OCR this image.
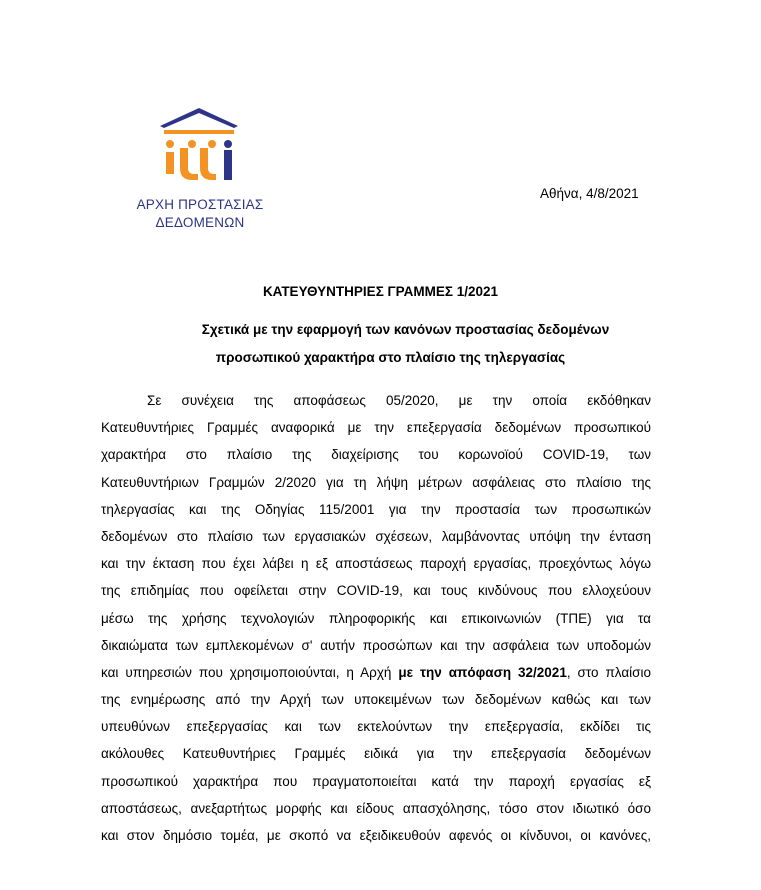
ΑΡΧΗ ΠΡΟΣΤΑΣΙΑΣ
ΔΕΔΟΜΕΝΩΝ
Αθήνα, 4/8/2021
ΚΑΤΕΥΘΥΝΤΗΡΙΕΣ ΓΡΑΜΜΕΣ 1/2021
Σχετικά με την εφαρμογή των κανόνων προστασίας δεδομένων
προσωπικού χαρακτήρα στο πλαίσιο της τηλεργασίας
Σε συνέχεια της αποφάσεως 05/2020, με την οποία εκδόθηκαν
Κατευθυντήριες Γραμμές αναφορικά με την επεξεργασία δεδομένων προσωπικού
χαρακτήρα στο πλαίσιο της διαχείρισης του κορωνοϊού COVID-19, των
Κατευθυντήριων Γραμμών 2/2020 για τη λήψη μέτρων ασφάλειας στο πλαίσιο της
τηλεργασίας και της Οδηγίας 115/2001 για την προστασία των προσωπικών
δεδομένων στο πλαίσιο των εργασιακών σχέσεων, λαμβάνοντας υπόψη την ένταση
και την έκταση που έχει λάβει η εξ αποστάσεως παροχή εργασίας, προεχόντως λόγω
της επιδημίας που οφείλεται στην COVID-19, και τους κινδύνους που ελλοχεύουν
μέσω της χρήσης τεχνολογιών πληροφορικής και επικοινωνιών (ΤΠΕ) για τα
δικαιώματα των εμπλεκομένων σ' αυτήν προσώπων και την ασφάλεια των υποδομών
και υπηρεσιών που χρησιμοποιούνται, η Αρχή με την απόφαση 32/2021, στο πλαίσιο
της ενημέρωσης από την Αρχή των υποκειμένων των δεδομένων καθώς και των
υπευθύνων επεξεργασίας και των εκτελούντων την επεξεργασία, εκδίδει τις
ακόλουθες Κατευθυντήριες Γραμμές ειδικά για την επεξεργασία δεδομένων
προσωπικού χαρακτήρα που πραγματοποιείται κατά την παροχή εργασίας εξ
αποστάσεως, ανεξαρτήτως μορφής και είδους απασχόλησης, τόσο στον ιδιωτικό όσο
και στον δημόσιο τομέα, με σκοπό να εξειδικευθούν αφενός οι κίνδυνοι, οι κανόνες,
